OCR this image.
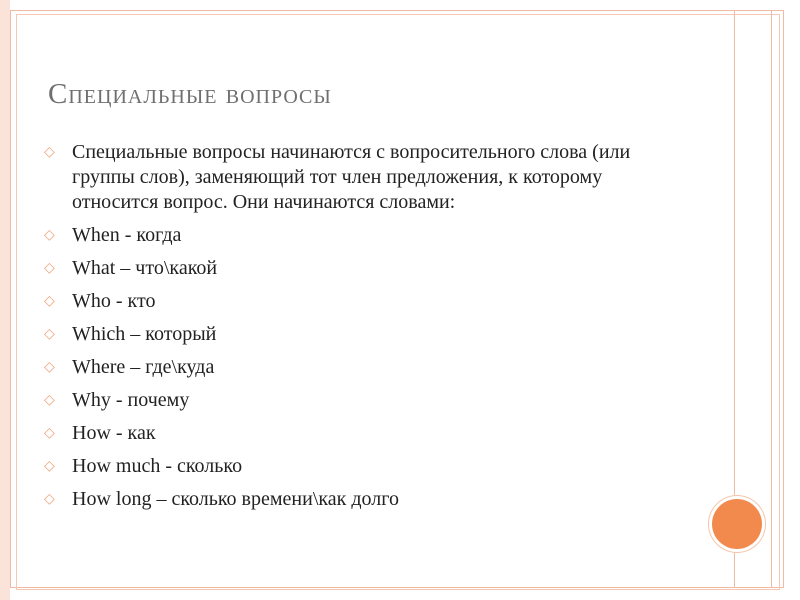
Специальные вопросы
◇ Специальные вопросы начинаются с вопросительного слова (или группы слов), заменяющий тот член предложения, к которому относится вопрос. Они начинаются словами:
◇ When - когда
◇ What – что\какой
◇ Who - кто
◇ Which – который
◇ Where – где\куда
◇ Why - почему
◇ How - как
◇ How much - сколько
◇ How long – сколько времени\как долго
